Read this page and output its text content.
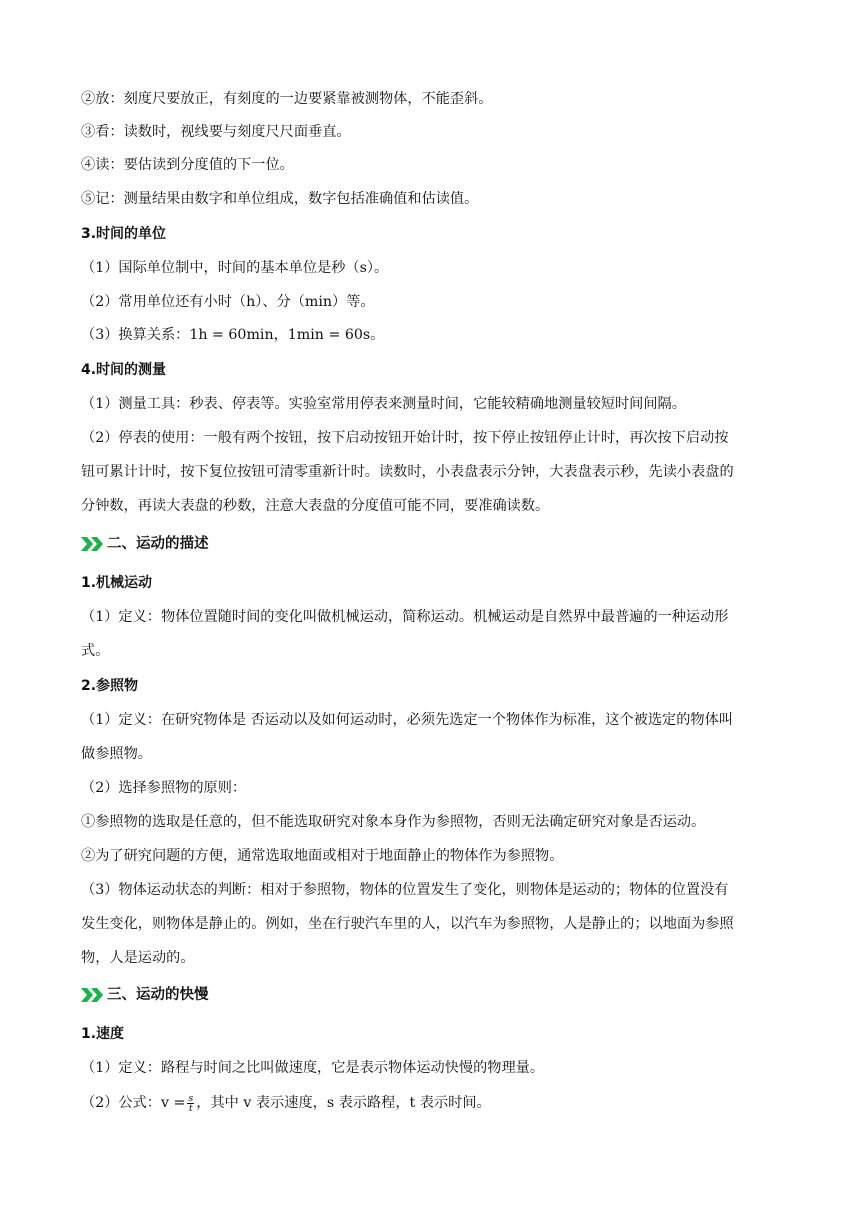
②放：刻度尺要放正，有刻度的一边要紧靠被测物体，不能歪斜。
③看：读数时，视线要与刻度尺尺面垂直。
④读：要估读到分度值的下一位。
⑤记：测量结果由数字和单位组成，数字包括准确值和估读值。
3.时间的单位
（1）国际单位制中，时间的基本单位是秒（s）。
（2）常用单位还有小时（h）、分（min）等。
（3）换算关系：1h = 60min，1min = 60s。
4.时间的测量
（1）测量工具：秒表、停表等。实验室常用停表来测量时间，它能较精确地测量较短时间间隔。
（2）停表的使用：一般有两个按钮，按下启动按钮开始计时，按下停止按钮停止计时，再次按下启动按
钮可累计计时，按下复位按钮可清零重新计时。读数时，小表盘表示分钟，大表盘表示秒，先读小表盘的
分钟数，再读大表盘的秒数，注意大表盘的分度值可能不同，要准确读数。
二、运动的描述
1.机械运动
（1）定义：物体位置随时间的变化叫做机械运动，简称运动。机械运动是自然界中最普遍的一种运动形
式。
2.参照物
（1）定义：在研究物体是 否运动以及如何运动时，必须先选定一个物体作为标准，这个被选定的物体叫
做参照物。
（2）选择参照物的原则：
①参照物的选取是任意的，但不能选取研究对象本身作为参照物，否则无法确定研究对象是否运动。
②为了研究问题的方便，通常选取地面或相对于地面静止的物体作为参照物。
（3）物体运动状态的判断：相对于参照物，物体的位置发生了变化，则物体是运动的；物体的位置没有
发生变化，则物体是静止的。例如，坐在行驶汽车里的人，以汽车为参照物，人是静止的；以地面为参照
物，人是运动的。
三、运动的快慢
1.速度
（1）定义：路程与时间之比叫做速度，它是表示物体运动快慢的物理量。
（2）公式：$v = \frac{s}{t}$ ，其中 v 表示速度，s 表示路程，t 表示时间。
